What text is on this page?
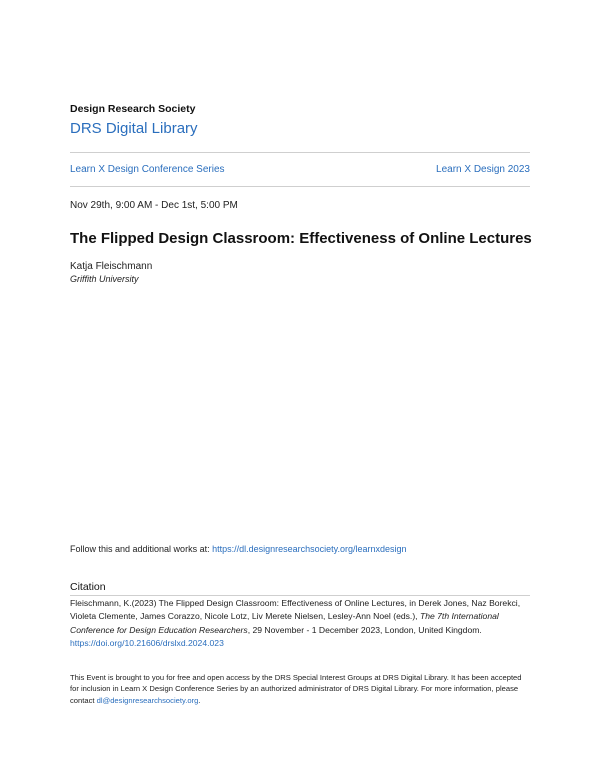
Design Research Society
DRS Digital Library
Learn X Design Conference Series	Learn X Design 2023
Nov 29th, 9:00 AM - Dec 1st, 5:00 PM
The Flipped Design Classroom: Effectiveness of Online Lectures
Katja Fleischmann
Griffith University
Follow this and additional works at: https://dl.designresearchsociety.org/learnxdesign
Citation
Fleischmann, K.(2023) The Flipped Design Classroom: Effectiveness of Online Lectures, in Derek Jones, Naz Borekci, Violeta Clemente, James Corazzo, Nicole Lotz, Liv Merete Nielsen, Lesley-Ann Noel (eds.), The 7th International Conference for Design Education Researchers, 29 November - 1 December 2023, London, United Kingdom. https://doi.org/10.21606/drslxd.2024.023
This Event is brought to you for free and open access by the DRS Special Interest Groups at DRS Digital Library. It has been accepted for inclusion in Learn X Design Conference Series by an authorized administrator of DRS Digital Library. For more information, please contact dl@designresearchsociety.org.
